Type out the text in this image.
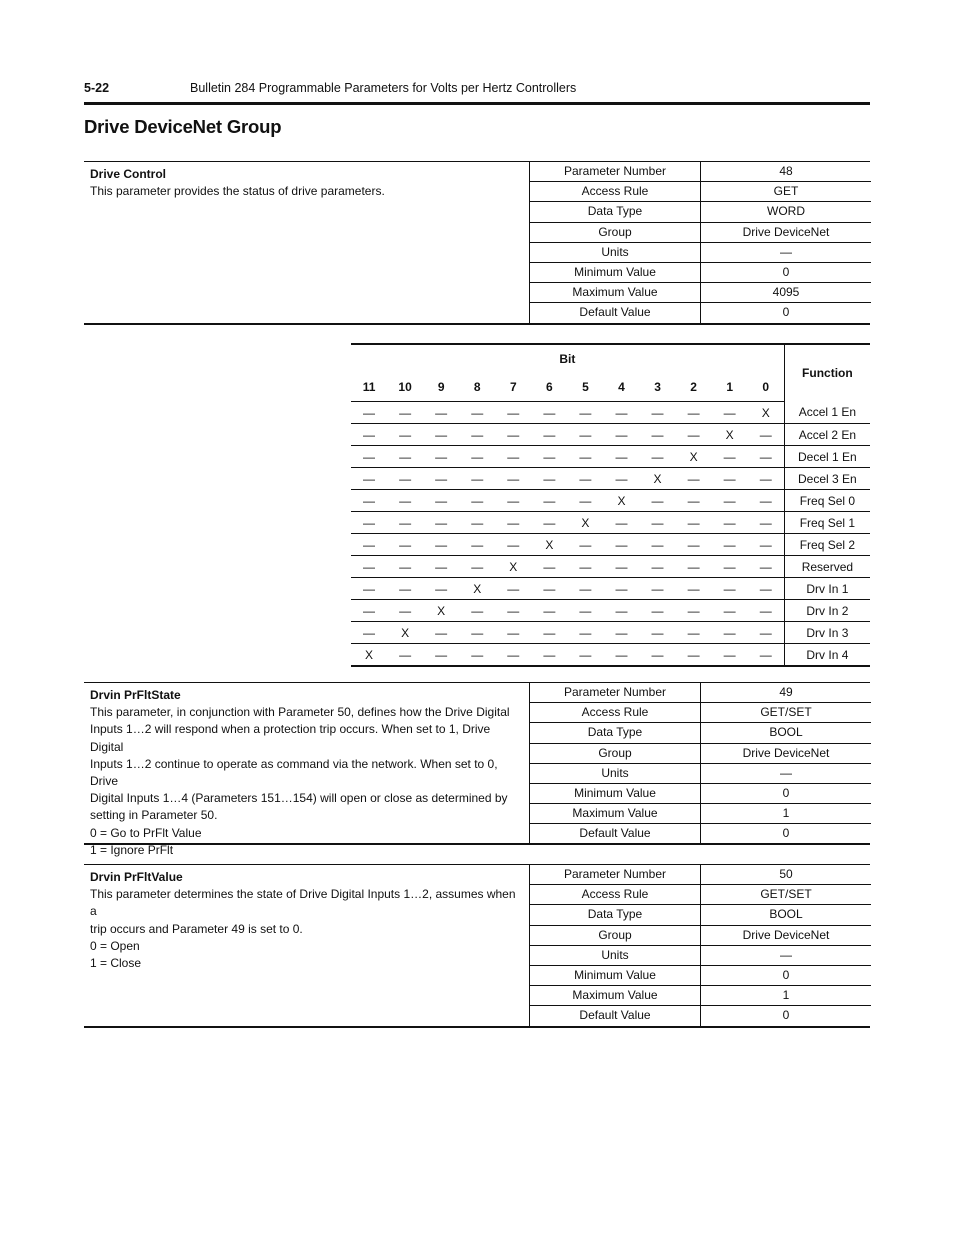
5-22	Bulletin 284 Programmable Parameters for Volts per Hertz Controllers
Drive DeviceNet Group
Drive Control
This parameter provides the status of drive parameters.
Parameter Number	48
Access Rule	GET
Data Type	WORD
Group	Drive DeviceNet
Units	—
Minimum Value	0
Maximum Value	4095
Default Value	0
Bit												Function
11	10	9	8	7	6	5	4	3	2	1	0	
—	—	—	—	—	—	—	—	—	—	—	X	Accel 1 En
—	—	—	—	—	—	—	—	—	—	X	—	Accel 2 En
—	—	—	—	—	—	—	—	—	X	—	—	Decel 1 En
—	—	—	—	—	—	—	—	X	—	—	—	Decel 3 En
—	—	—	—	—	—	—	X	—	—	—	—	Freq Sel 0
—	—	—	—	—	—	X	—	—	—	—	—	Freq Sel 1
—	—	—	—	—	X	—	—	—	—	—	—	Freq Sel 2
—	—	—	—	X	—	—	—	—	—	—	—	Reserved
—	—	—	X	—	—	—	—	—	—	—	—	Drv In 1
—	—	X	—	—	—	—	—	—	—	—	—	Drv In 2
—	X	—	—	—	—	—	—	—	—	—	—	Drv In 3
X	—	—	—	—	—	—	—	—	—	—	—	Drv In 4
Drvin PrFltState
This parameter, in conjunction with Parameter 50, defines how the Drive Digital
Inputs 1…2 will respond when a protection trip occurs. When set to 1, Drive Digital
Inputs 1…2 continue to operate as command via the network. When set to 0, Drive
Digital Inputs 1…4 (Parameters 151…154) will open or close as determined by
setting in Parameter 50.
0 = Go to PrFlt Value
1 = Ignore PrFlt
Parameter Number	49
Access Rule	GET/SET
Data Type	BOOL
Group	Drive DeviceNet
Units	—
Minimum Value	0
Maximum Value	1
Default Value	0
Drvin PrFltValue
This parameter determines the state of Drive Digital Inputs 1…2, assumes when a
trip occurs and Parameter 49 is set to 0.
0 = Open
1 = Close
Parameter Number	50
Access Rule	GET/SET
Data Type	BOOL
Group	Drive DeviceNet
Units	—
Minimum Value	0
Maximum Value	1
Default Value	0
